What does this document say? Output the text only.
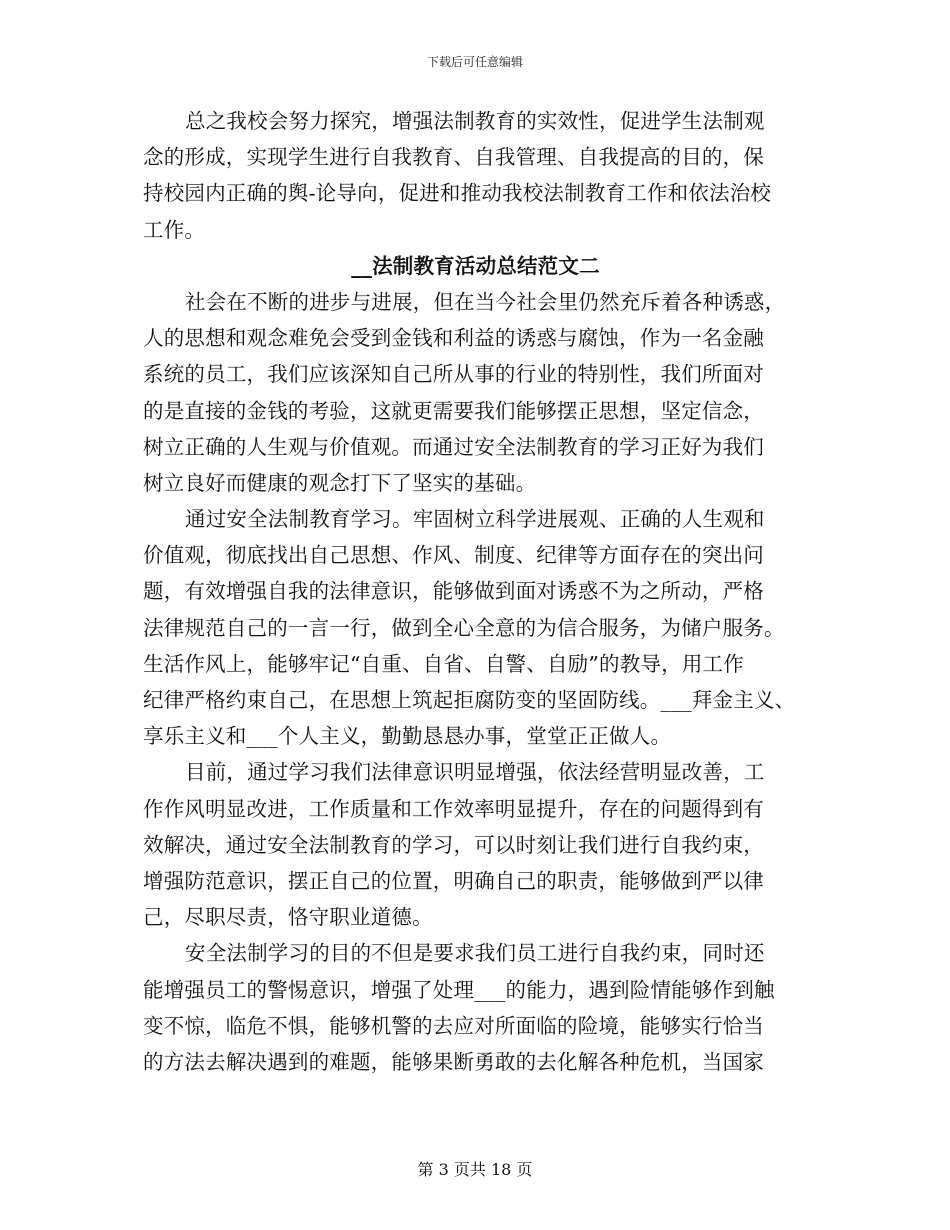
下载后可任意编辑
总之我校会努力探究，增强法制教育的实效性，促进学生法制观
念的形成，实现学生进行自我教育、自我管理、自我提高的目的，保
持校园内正确的舆-论导向，促进和推动我校法制教育工作和依法治校
工作。
__法制教育活动总结范文二
社会在不断的进步与进展，但在当今社会里仍然充斥着各种诱惑，
人的思想和观念难免会受到金钱和利益的诱惑与腐蚀，作为一名金融
系统的员工，我们应该深知自己所从事的行业的特别性，我们所面对
的是直接的金钱的考验，这就更需要我们能够摆正思想，坚定信念，
树立正确的人生观与价值观。而通过安全法制教育的学习正好为我们
树立良好而健康的观念打下了坚实的基础。
通过安全法制教育学习。牢固树立科学进展观、正确的人生观和
价值观，彻底找出自己思想、作风、制度、纪律等方面存在的突出问
题，有效增强自我的法律意识，能够做到面对诱惑不为之所动，严格
法律规范自己的一言一行，做到全心全意的为信合服务，为储户服务。
生活作风上，能够牢记“自重、自省、自警、自励”的教导，用工作
纪律严格约束自己，在思想上筑起拒腐防变的坚固防线。___拜金主义、
享乐主义和___个人主义，勤勤恳恳办事，堂堂正正做人。
目前，通过学习我们法律意识明显增强，依法经营明显改善，工
作作风明显改进，工作质量和工作效率明显提升，存在的问题得到有
效解决，通过安全法制教育的学习，可以时刻让我们进行自我约束，
增强防范意识，摆正自己的位置，明确自己的职责，能够做到严以律
己，尽职尽责，恪守职业道德。
安全法制学习的目的不但是要求我们员工进行自我约束，同时还
能增强员工的警惕意识，增强了处理___的能力，遇到险情能够作到触
变不惊，临危不惧，能够机警的去应对所面临的险境，能够实行恰当
的方法去解决遇到的难题，能够果断勇敢的去化解各种危机，当国家
第 3 页共 18 页
